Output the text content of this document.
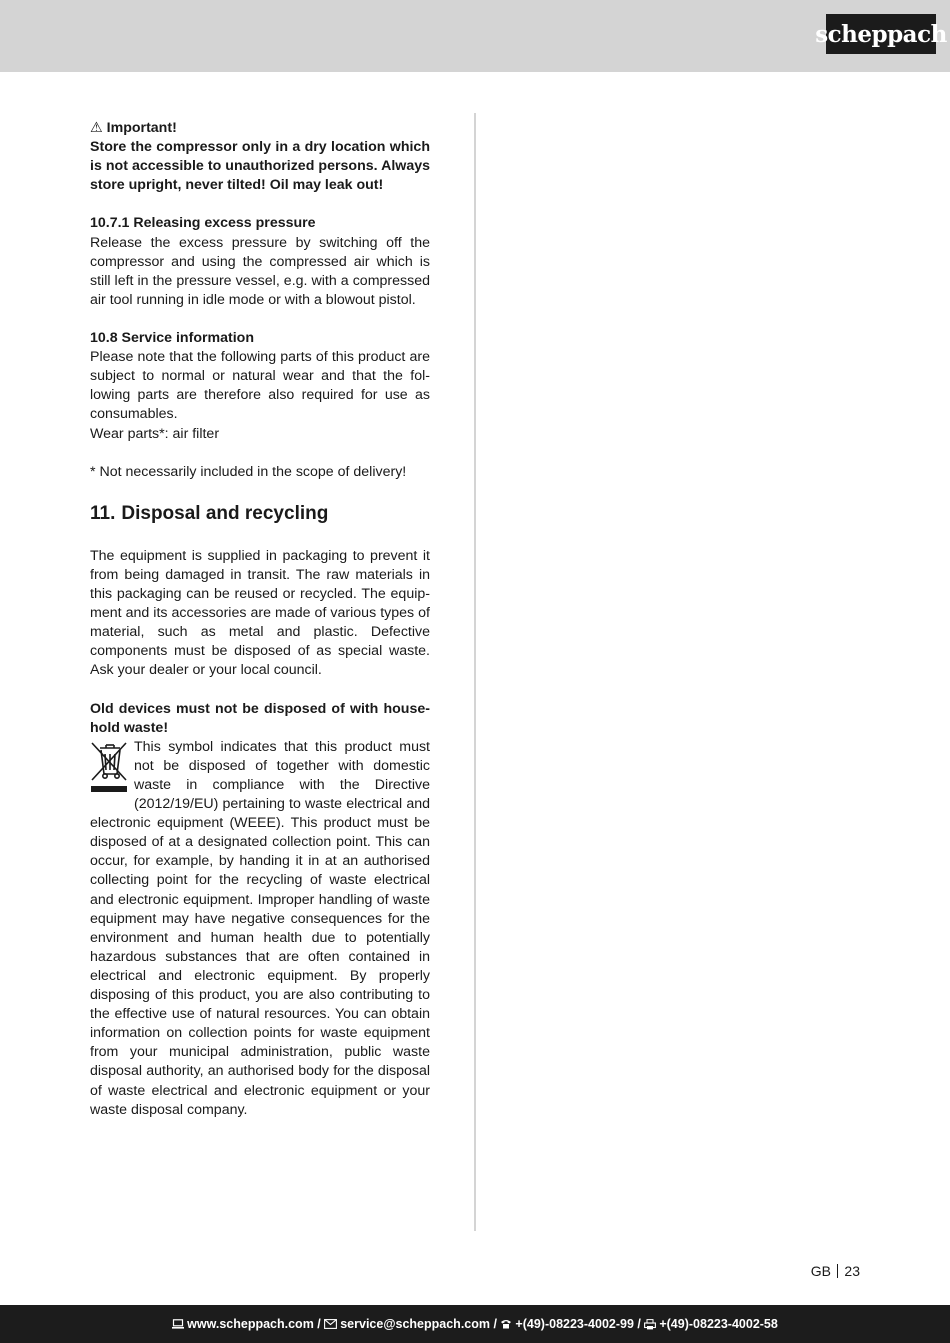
scheppach

⚠ Important!
Store the compressor only in a dry location which is not accessible to unauthorized persons. Always store upright, never tilted! Oil may leak out!

10.7.1 Releasing excess pressure
Release the excess pressure by switching off the compressor and using the compressed air which is still left in the pressure vessel, e.g. with a compressed air tool running in idle mode or with a blowout pistol.

10.8 Service information
Please note that the following parts of this product are subject to normal or natural wear and that the following parts are therefore also required for use as consumables.
Wear parts*: air filter

* Not necessarily included in the scope of delivery!

11. Disposal and recycling

The equipment is supplied in packaging to prevent it from being damaged in transit. The raw materials in this packaging can be reused or recycled. The equipment and its accessories are made of various types of material, such as metal and plastic. Defective components must be disposed of as special waste. Ask your dealer or your local council.

Old devices must not be disposed of with household waste!

This symbol indicates that this product must not be disposed of together with domestic waste in compliance with the Directive (2012/19/EU) pertaining to waste electrical and electronic equipment (WEEE). This product must be disposed of at a designated collection point. This can occur, for example, by handing it in at an authorised collecting point for the recycling of waste electrical and electronic equipment. Improper handling of waste equipment may have negative consequences for the environment and human health due to potentially hazardous substances that are often contained in electrical and electronic equipment. By properly disposing of this product, you are also contributing to the effective use of natural resources. You can obtain information on collection points for waste equipment from your municipal administration, public waste disposal authority, an authorised body for the disposal of waste electrical and electronic equipment or your waste disposal company.
GB 23
www.scheppach.com / service@scheppach.com / +(49)-08223-4002-99 / +(49)-08223-4002-58
